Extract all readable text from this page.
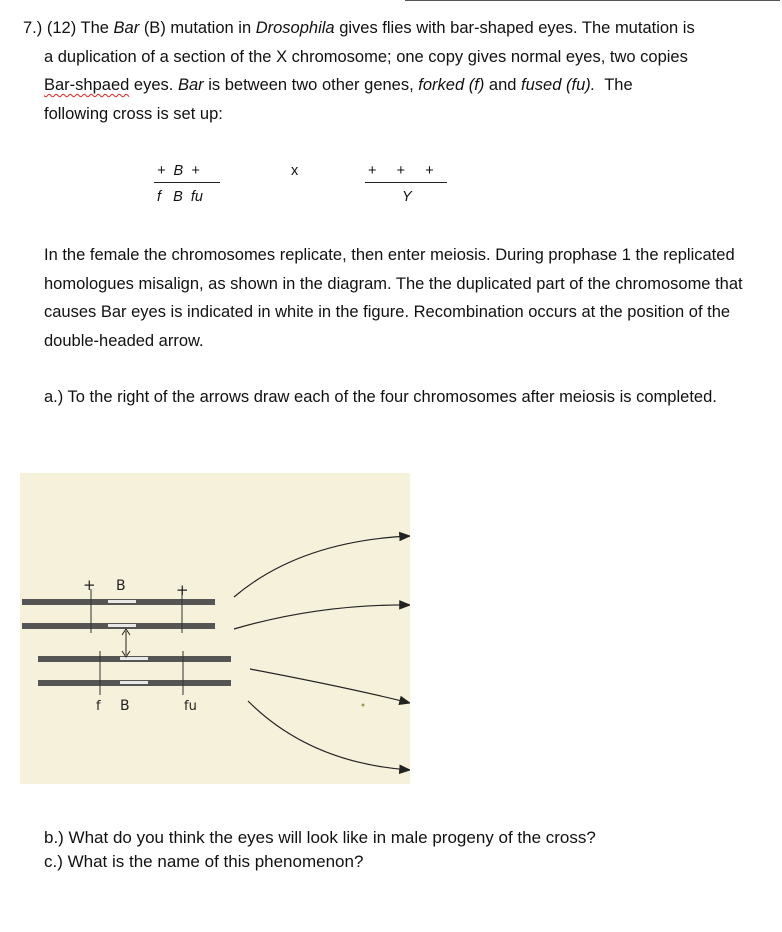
7.) (12) The Bar (B) mutation in Drosophila gives flies with bar-shaped eyes. The mutation is
a duplication of a section of the X chromosome; one copy gives normal eyes, two copies
Bar-shpaed eyes. Bar is between two other genes, forked (f) and fused (fu). The
following cross is set up:

+  B  +
f   B  fu
x	+     +     +
Y

In the female the chromosomes replicate, then enter meiosis. During prophase 1 the replicated homologues misalign, as shown in the diagram. The the duplicated part of the chromosome that causes Bar eyes is indicated in white in the figure. Recombination occurs at the position of the double-headed arrow.

a.) To the right of the arrows draw each of the four chromosomes after meiosis is completed.

+ B	+
f B	fu

b.) What do you think the eyes will look like in male progeny of the cross?
c.) What is the name of this phenomenon?
